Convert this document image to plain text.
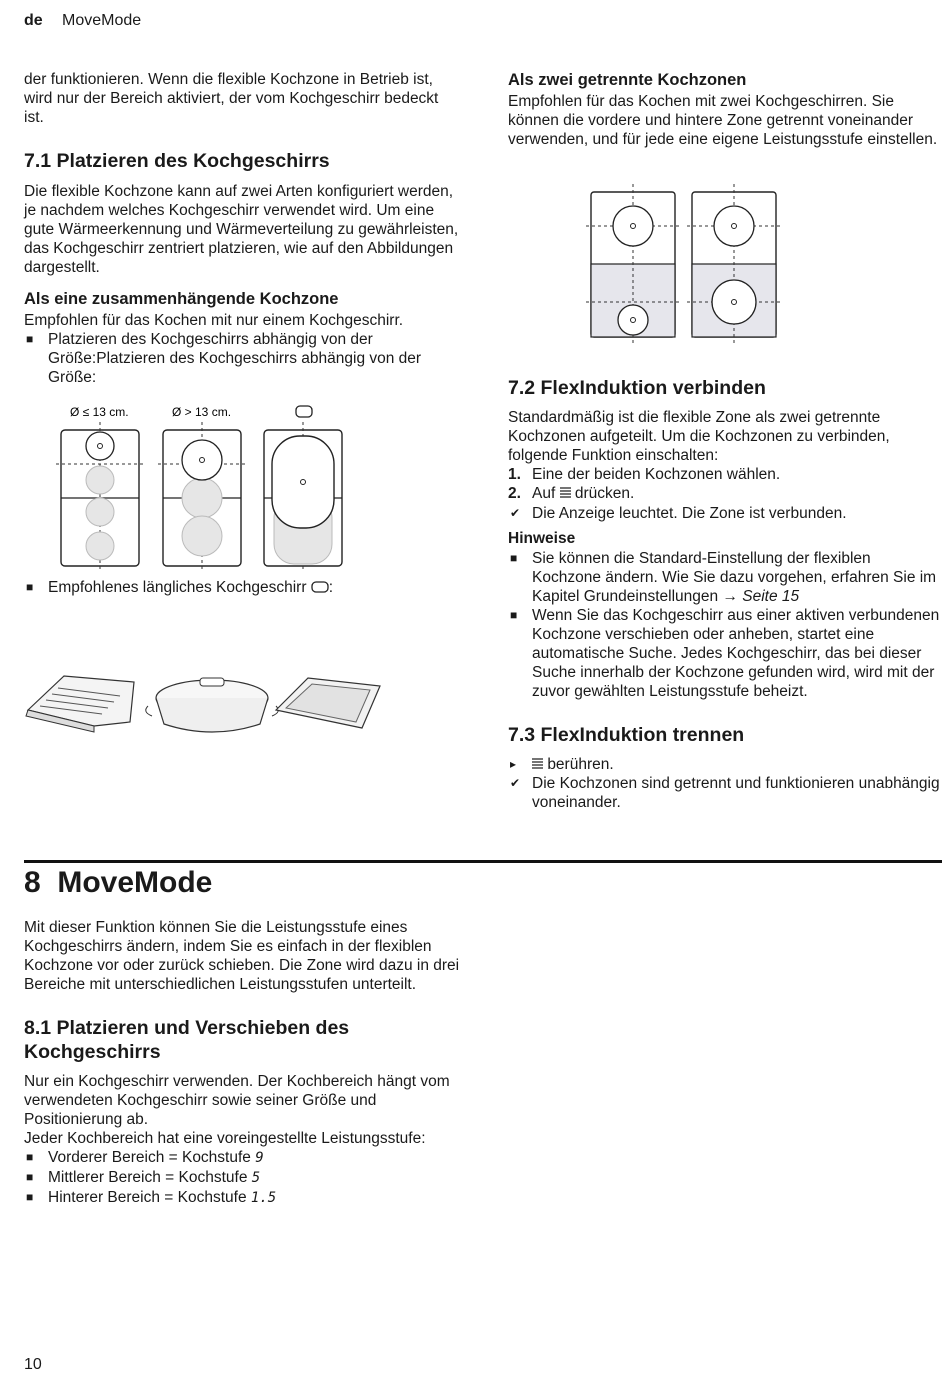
de MoveMode

der funktionieren. Wenn die flexible Kochzone in Betrieb ist, wird nur der Bereich aktiviert, der vom Kochgeschirr bedeckt ist.

7.1 Platzieren des Kochgeschirrs

Die flexible Kochzone kann auf zwei Arten konfiguriert werden, je nachdem welches Kochgeschirr verwendet wird. Um eine gute Wärmeerkennung und Wärmeverteilung zu gewährleisten, das Kochgeschirr zentriert platzieren, wie auf den Abbildungen dargestellt.

Als eine zusammenhängende Kochzone

Empfohlen für das Kochen mit nur einem Kochgeschirr.

■ Platzieren des Kochgeschirrs abhängig von der Größe:Platzieren des Kochgeschirrs abhängig von der Größe:
Ø ≤ 13 cm.	Ø > 13 cm.
■ Empfohlenes längliches Kochgeschirr :
Als zwei getrennte Kochzonen

Empfohlen für das Kochen mit zwei Kochgeschirren. Sie können die vordere und hintere Zone getrennt voneinander verwenden, und für jede eine eigene Leistungsstufe einstellen.

7.2 FlexInduktion verbinden

Standardmäßig ist die flexible Zone als zwei getrennte Kochzonen aufgeteilt. Um die Kochzonen zu verbinden, folgende Funktion einschalten:

1. Eine der beiden Kochzonen wählen.
2. Auf drücken.
✔ Die Anzeige leuchtet. Die Zone ist verbunden.
Hinweise
■ Sie können die Standard-Einstellung der flexiblen Kochzone ändern. Wie Sie dazu vorgehen, erfahren Sie im Kapitel Grundeinstellungen → Seite 15
■ Wenn Sie das Kochgeschirr aus einer aktiven verbundenen Kochzone verschieben oder anheben, startet eine automatische Suche. Jedes Kochgeschirr, das bei dieser Suche innerhalb der Kochzone gefunden wird, wird mit der zuvor gewählten Leistungsstufe beheizt.
7.3 FlexInduktion trennen
▸ berühren.
✔ Die Kochzonen sind getrennt und funktionieren unabhängig voneinander.
8  MoveMode

Mit dieser Funktion können Sie die Leistungsstufe eines Kochgeschirrs ändern, indem Sie es einfach in der flexiblen Kochzone vor oder zurück schieben. Die Zone wird dazu in drei Bereiche mit unterschiedlichen Leistungsstufen unterteilt.

8.1 Platzieren und Verschieben des Kochgeschirrs

Nur ein Kochgeschirr verwenden. Der Kochbereich hängt vom verwendeten Kochgeschirr sowie seiner Größe und Positionierung ab.

Jeder Kochbereich hat eine voreingestellte Leistungsstufe:

■ Vorderer Bereich = Kochstufe 9
■ Mittlerer Bereich = Kochstufe 5
■ Hinterer Bereich = Kochstufe 1.5
10
